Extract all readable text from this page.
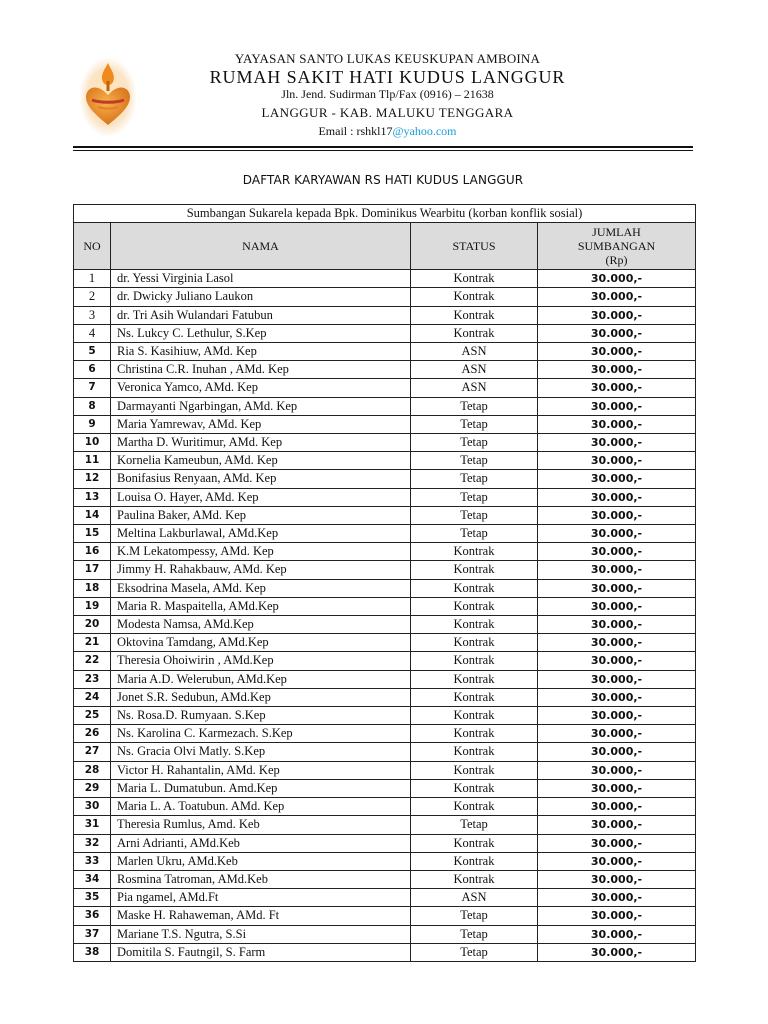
YAYASAN SANTO LUKAS KEUSKUPAN AMBOINA
RUMAH SAKIT HATI KUDUS LANGGUR
Jln. Jend. Sudirman Tlp/Fax (0916) – 21638
LANGGUR - KAB. MALUKU TENGGARA
Email : rshkl17@yahoo.com
DAFTAR KARYAWAN RS HATI KUDUS LANGGUR
Sumbangan Sukarela kepada Bpk. Dominikus Wearbitu (korban konflik sosial)			
NO	NAMA	STATUS	JUMLAH
SUMBANGAN
(Rp)

1	dr. Yessi Virginia Lasol	Kontrak	30.000,-
2	dr. Dwicky Juliano Laukon	Kontrak	30.000,-
3	dr. Tri Asih Wulandari Fatubun	Kontrak	30.000,-
4	Ns. Lukcy C. Lethulur, S.Kep	Kontrak	30.000,-
5	Ria S. Kasihiuw, AMd. Kep	ASN	30.000,-
6	Christina C.R. Inuhan , AMd. Kep	ASN	30.000,-
7	Veronica Yamco, AMd. Kep	ASN	30.000,-
8	Darmayanti Ngarbingan, AMd. Kep	Tetap	30.000,-
9	Maria Yamrewav, AMd. Kep	Tetap	30.000,-
10	Martha D. Wuritimur, AMd. Kep	Tetap	30.000,-
11	Kornelia Kameubun, AMd. Kep	Tetap	30.000,-
12	Bonifasius Renyaan, AMd. Kep	Tetap	30.000,-
13	Louisa O. Hayer, AMd. Kep	Tetap	30.000,-
14	Paulina Baker, AMd. Kep	Tetap	30.000,-
15	Meltina Lakburlawal, AMd.Kep	Tetap	30.000,-
16	K.M Lekatompessy, AMd. Kep	Kontrak	30.000,-
17	Jimmy H. Rahakbauw, AMd. Kep	Kontrak	30.000,-
18	Eksodrina Masela, AMd. Kep	Kontrak	30.000,-
19	Maria R. Maspaitella, AMd.Kep	Kontrak	30.000,-
20	Modesta Namsa, AMd.Kep	Kontrak	30.000,-
21	Oktovina Tamdang, AMd.Kep	Kontrak	30.000,-
22	Theresia Ohoiwirin , AMd.Kep	Kontrak	30.000,-
23	Maria A.D. Welerubun, AMd.Kep	Kontrak	30.000,-
24	Jonet S.R. Sedubun, AMd.Kep	Kontrak	30.000,-
25	Ns. Rosa.D. Rumyaan. S.Kep	Kontrak	30.000,-
26	Ns. Karolina C. Karmezach. S.Kep	Kontrak	30.000,-
27	Ns. Gracia Olvi Matly. S.Kep	Kontrak	30.000,-
28	Victor H. Rahantalin, AMd. Kep	Kontrak	30.000,-
29	Maria L. Dumatubun. Amd.Kep	Kontrak	30.000,-
30	Maria L. A. Toatubun. AMd. Kep	Kontrak	30.000,-
31	Theresia Rumlus, Amd. Keb	Tetap	30.000,-
32	Arni Adrianti, AMd.Keb	Kontrak	30.000,-
33	Marlen Ukru, AMd.Keb	Kontrak	30.000,-
34	Rosmina Tatroman, AMd.Keb	Kontrak	30.000,-
35	Pia ngamel, AMd.Ft	ASN	30.000,-
36	Maske H. Rahaweman, AMd. Ft	Tetap	30.000,-
37	Mariane T.S. Ngutra, S.Si	Tetap	30.000,-
38	Domitila S. Fautngil, S. Farm	Tetap	30.000,-
